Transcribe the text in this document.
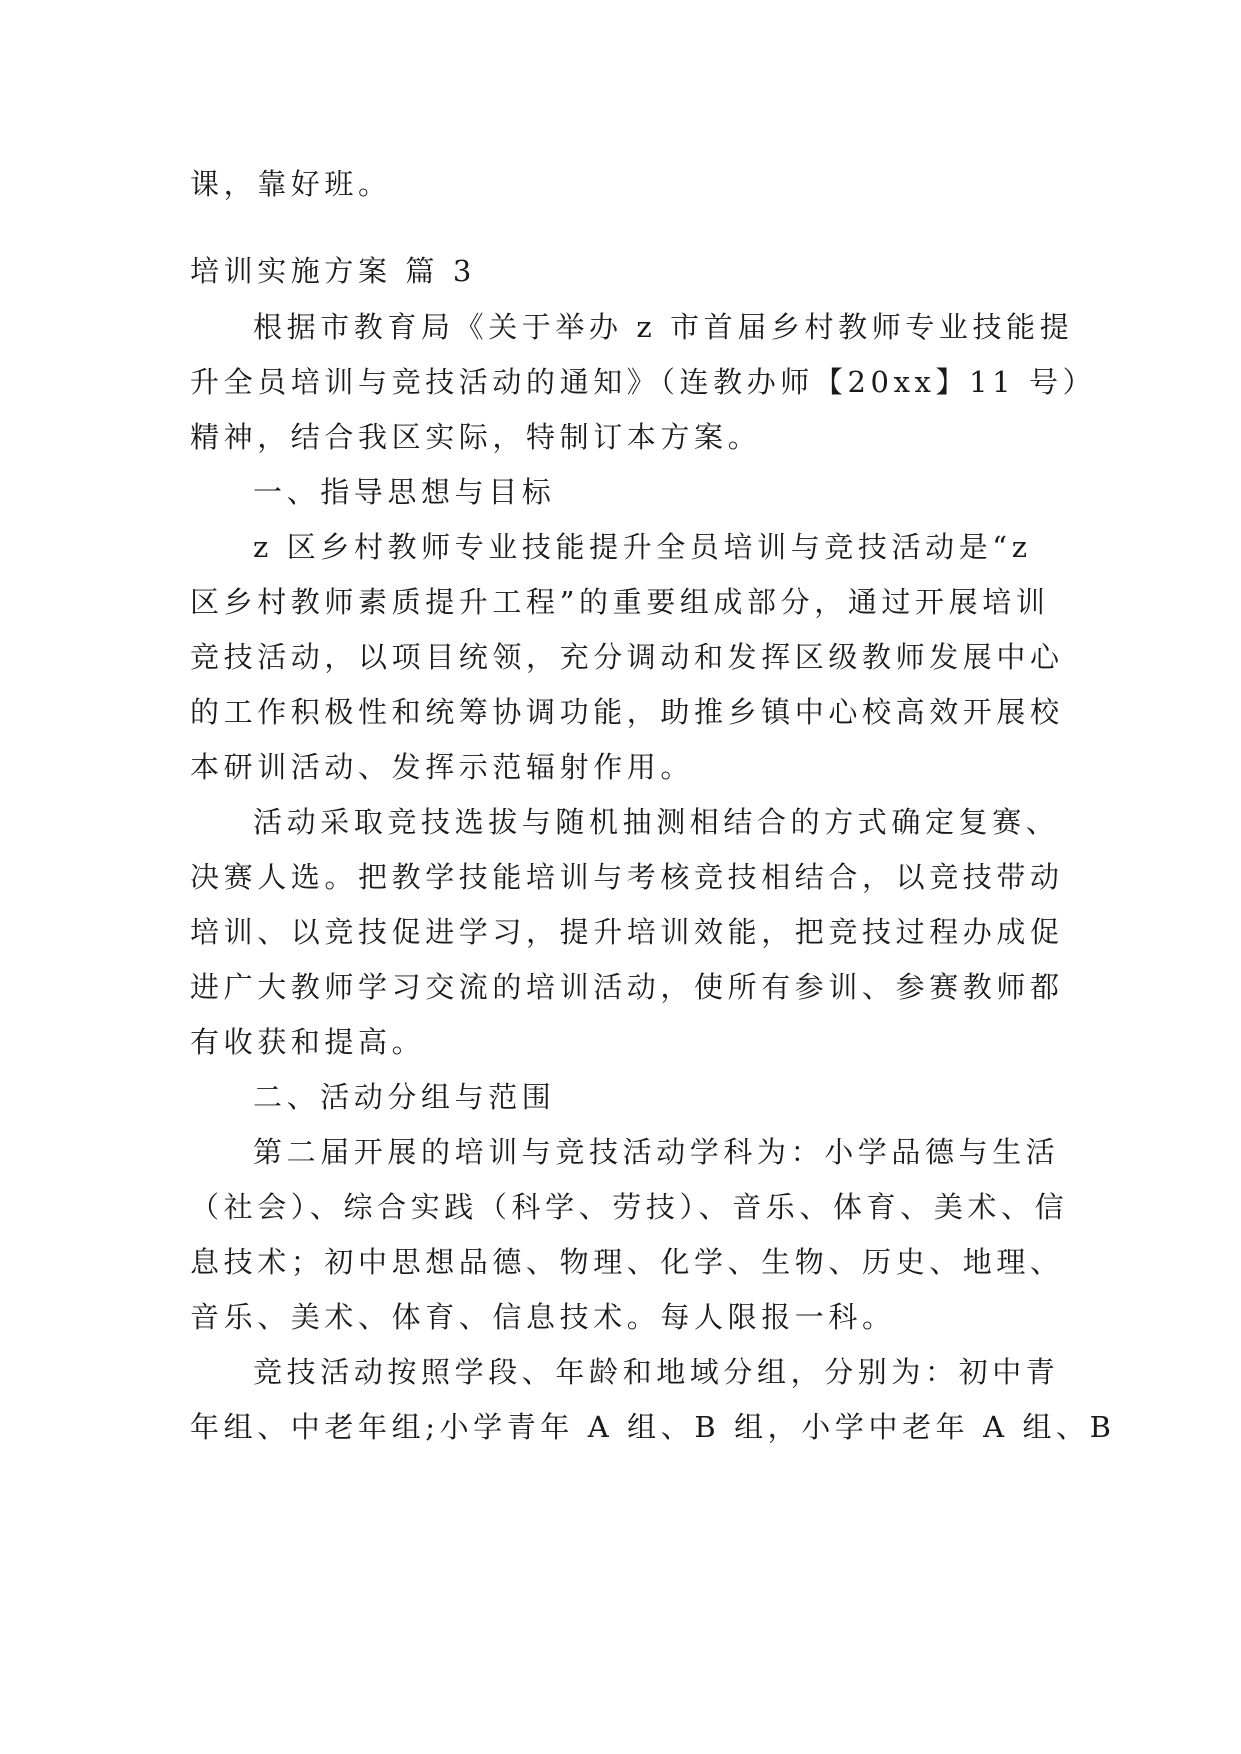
课，靠好班。
培训实施方案 篇 3
根据市教育局《关于举办 z 市首届乡村教师专业技能提
升全员培训与竞技活动的通知》（连教办师【20xx】11 号）
精神，结合我区实际，特制订本方案。
一、指导思想与目标
z 区乡村教师专业技能提升全员培训与竞技活动是“z
区乡村教师素质提升工程”的重要组成部分，通过开展培训
竞技活动，以项目统领，充分调动和发挥区级教师发展中心
的工作积极性和统筹协调功能，助推乡镇中心校高效开展校
本研训活动、发挥示范辐射作用。
活动采取竞技选拔与随机抽测相结合的方式确定复赛、
决赛人选。把教学技能培训与考核竞技相结合，以竞技带动
培训、以竞技促进学习，提升培训效能，把竞技过程办成促
进广大教师学习交流的培训活动，使所有参训、参赛教师都
有收获和提高。
二、活动分组与范围
第二届开展的培训与竞技活动学科为：小学品德与生活
（社会）、综合实践（科学、劳技）、音乐、体育、美术、信
息技术；初中思想品德、物理、化学、生物、历史、地理、
音乐、美术、体育、信息技术。每人限报一科。
竞技活动按照学段、年龄和地域分组，分别为：初中青
年组、中老年组;小学青年 A 组、B 组，小学中老年 A 组、B
